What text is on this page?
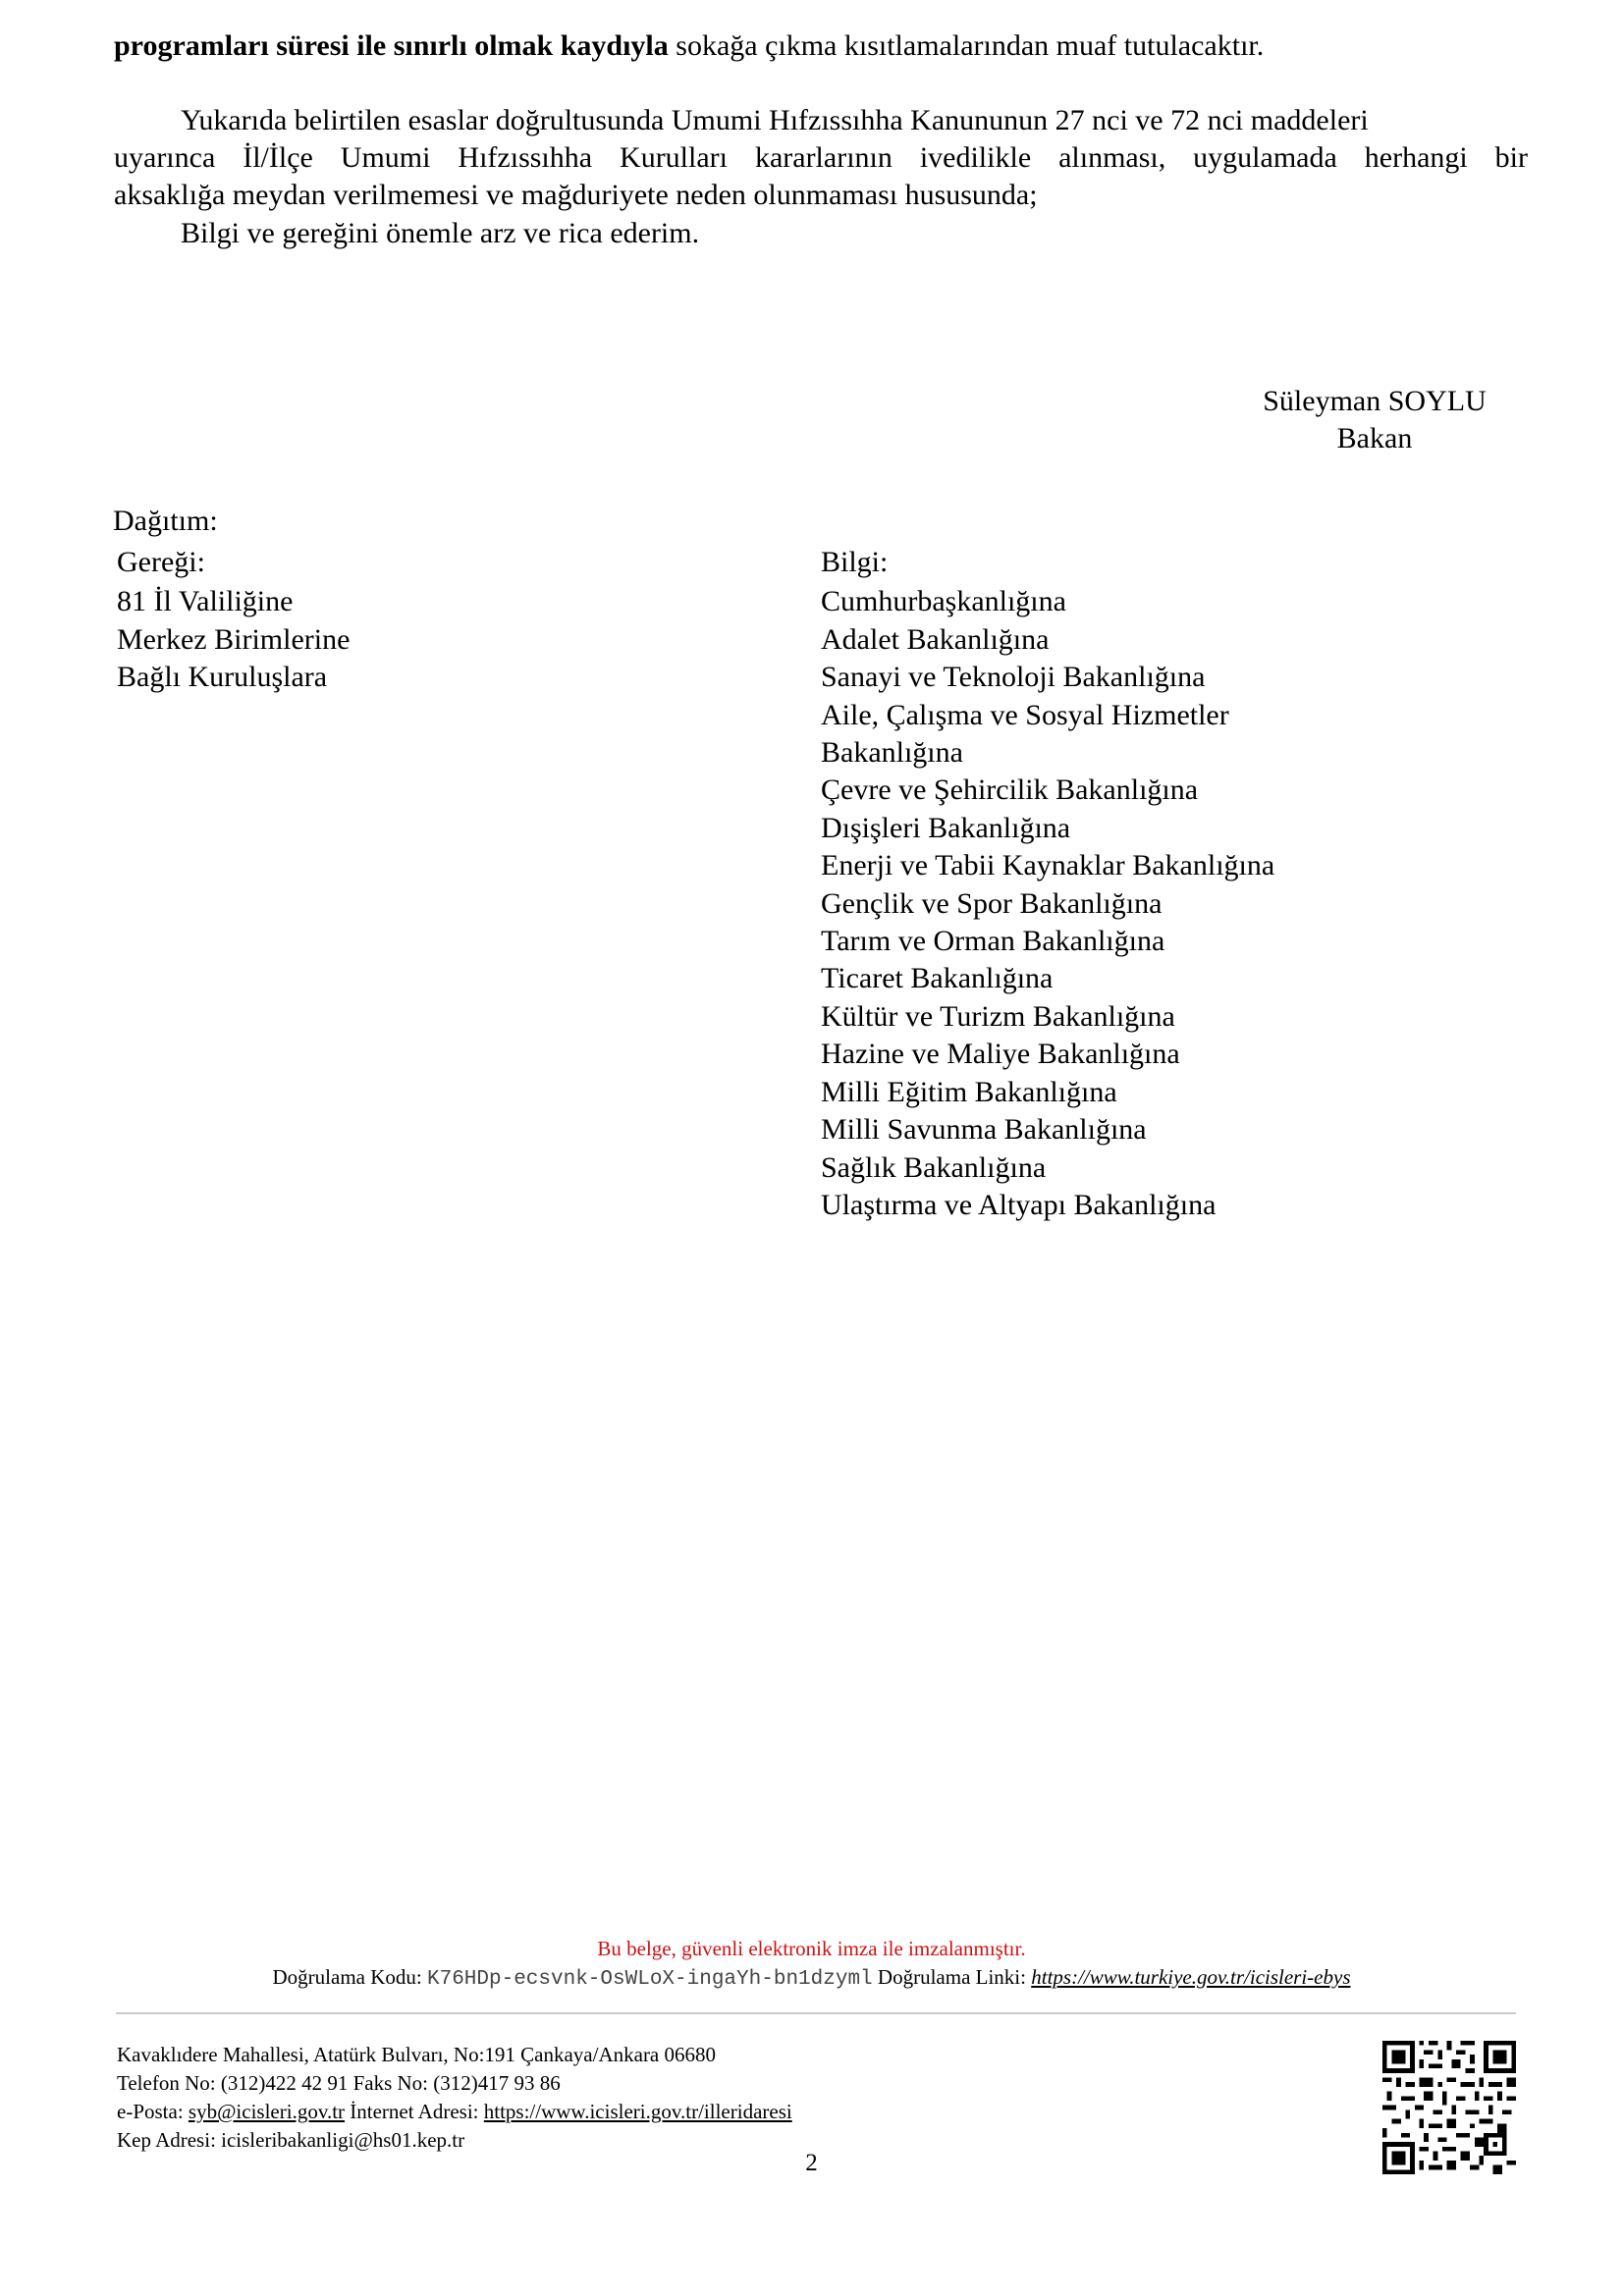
programları süresi ile sınırlı olmak kaydıyla sokağa çıkma kısıtlamalarından muaf tutulacaktır.
Yukarıda belirtilen esaslar doğrultusunda Umumi Hıfzıssıhha Kanununun 27 nci ve 72 nci maddeleri
uyarınca İl/İlçe Umumi Hıfzıssıhha Kurulları kararlarının ivedilikle alınması, uygulamada herhangi bir
aksaklığa meydan verilmemesi ve mağduriyete neden olunmaması hususunda;
Bilgi ve gereğini önemle arz ve rica ederim.
Süleyman SOYLU
Bakan
Dağıtım:
Gereği:
81 İl Valiliğine
Merkez Birimlerine
Bağlı Kuruluşlara
Bilgi:
Cumhurbaşkanlığına
Adalet Bakanlığına
Sanayi ve Teknoloji Bakanlığına
Aile, Çalışma ve Sosyal Hizmetler
Bakanlığına
Çevre ve Şehircilik Bakanlığına
Dışişleri Bakanlığına
Enerji ve Tabii Kaynaklar Bakanlığına
Gençlik ve Spor Bakanlığına
Tarım ve Orman Bakanlığına
Ticaret Bakanlığına
Kültür ve Turizm Bakanlığına
Hazine ve Maliye Bakanlığına
Milli Eğitim Bakanlığına
Milli Savunma Bakanlığına
Sağlık Bakanlığına
Ulaştırma ve Altyapı Bakanlığına
Bu belge, güvenli elektronik imza ile imzalanmıştır.
Doğrulama Kodu: K76HDp-ecsvnk-OsWLoX-ingaYh-bn1dzyml Doğrulama Linki: https://www.turkiye.gov.tr/icisleri-ebys
Kavaklıdere Mahallesi, Atatürk Bulvarı, No:191 Çankaya/Ankara 06680
Telefon No: (312)422 42 91 Faks No: (312)417 93 86
e-Posta: syb@icisleri.gov.tr İnternet Adresi: https://www.icisleri.gov.tr/illeridaresi
Kep Adresi: icisleribakanligi@hs01.kep.tr
2
